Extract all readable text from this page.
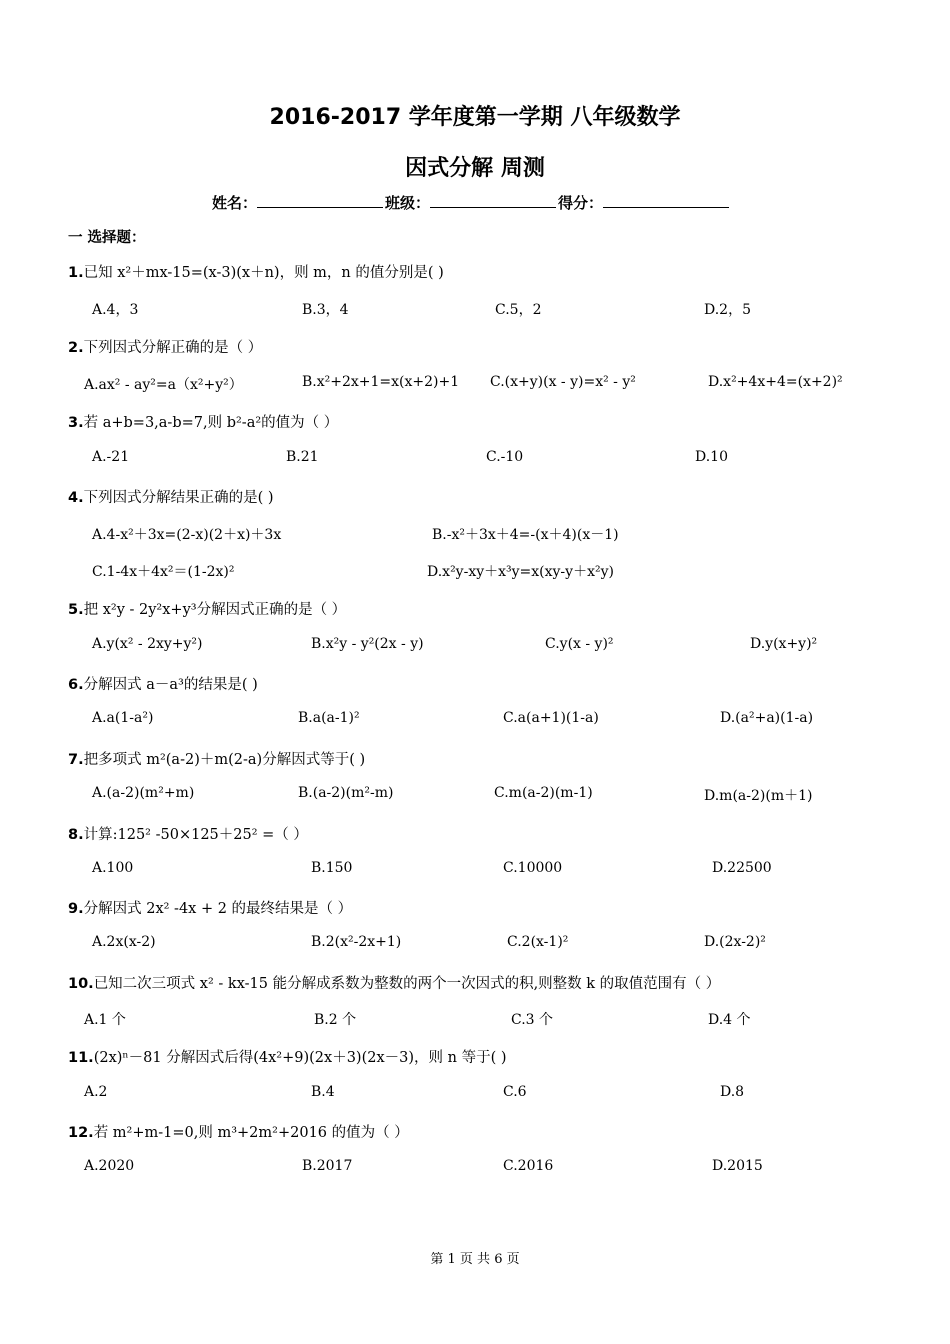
2016-2017 学年度第一学期 八年级数学
因式分解 周测
姓名：	班级：	得分：
一 选择题：
1.已知 x²＋mx-15=(x-3)(x＋n)，则 m，n 的值分别是( )
A.4，3	B.3，4	C.5，2	D.2，5
2.下列因式分解正确的是（ ）
A.ax² - ay²=a（x²+y²）	B.x²+2x+1=x(x+2)+1 C.(x+y)(x - y)=x² - y²	D.x²+4x+4=(x+2)²
3.若 a+b=3,a-b=7,则 b²-a²的值为（ ）
A.-21	B.21	C.-10	D.10
4.下列因式分解结果正确的是( )
A.4-x²＋3x=(2-x)(2＋x)＋3x	B.-x²＋3x＋4=-(x＋4)(x－1)
C.1-4x＋4x²＝(1-2x)²	D.x²y-xy＋x³y=x(xy-y＋x²y)
5.把 x²y - 2y²x+y³分解因式正确的是（ ）
A.y(x² - 2xy+y²)	B.x²y - y²(2x - y)	C.y(x - y)²	D.y(x+y)²
6.分解因式 a－a³的结果是( )
A.a(1-a²)	B.a(a-1)²	C.a(a+1)(1-a)	D.(a²+a)(1-a)
7.把多项式 m²(a-2)＋m(2-a)分解因式等于( )
A.(a-2)(m²+m)	B.(a-2)(m²-m)	C.m(a-2)(m-1)	D.m(a-2)(m＋1)
8.计算:125² -50×125＋25² =（ ）
A.100	B.150	C.10000	D.22500
9.分解因式 2x² -4x + 2 的最终结果是（ ）
A.2x(x-2)	B.2(x²-2x+1)	C.2(x-1)²	D.(2x-2)²
10.已知二次三项式 x² - kx-15 能分解成系数为整数的两个一次因式的积,则整数 k 的取值范围有（ ）
A.1 个	B.2 个	C.3 个	D.4 个
11.(2x)ⁿ－81 分解因式后得(4x²+9)(2x＋3)(2x－3)，则 n 等于( )
A.2	B.4	C.6	D.8
12.若 m²+m-1=0,则 m³+2m²+2016 的值为（ ）
A.2020	B.2017	C.2016	D.2015
第 1 页 共 6 页
